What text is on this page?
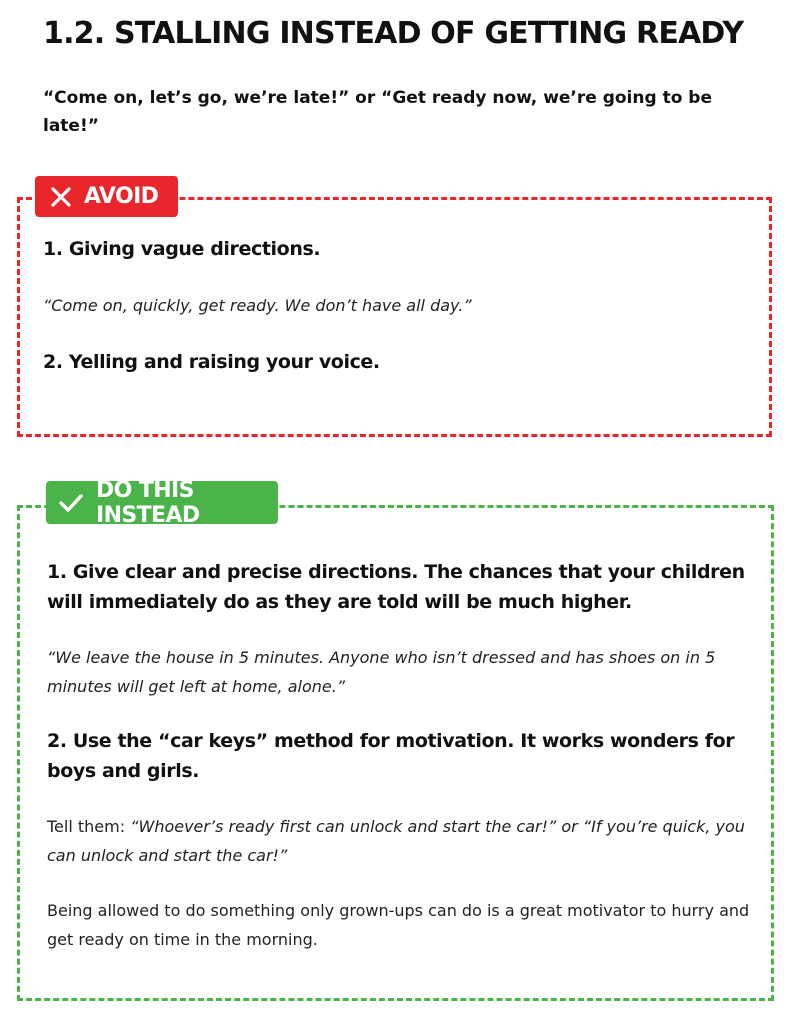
1.2. STALLING INSTEAD OF GETTING READY

“Come on, let’s go, we’re late!” or “Get ready now, we’re going to be late!”

AVOID
1. Giving vague directions.

“Come on, quickly, get ready. We don’t have all day.”

2. Yelling and raising your voice.
DO THIS INSTEAD
1. Give clear and precise directions. The chances that your children will immediately do as they are told will be much higher.

“We leave the house in 5 minutes. Anyone who isn’t dressed and has shoes on in 5 minutes will get left at home, alone.”

2. Use the “car keys” method for motivation. It works wonders for boys and girls.

Tell them: “Whoever’s ready first can unlock and start the car!” or “If you’re quick, you can unlock and start the car!”

Being allowed to do something only grown-ups can do is a great motivator to hurry and get ready on time in the morning.
